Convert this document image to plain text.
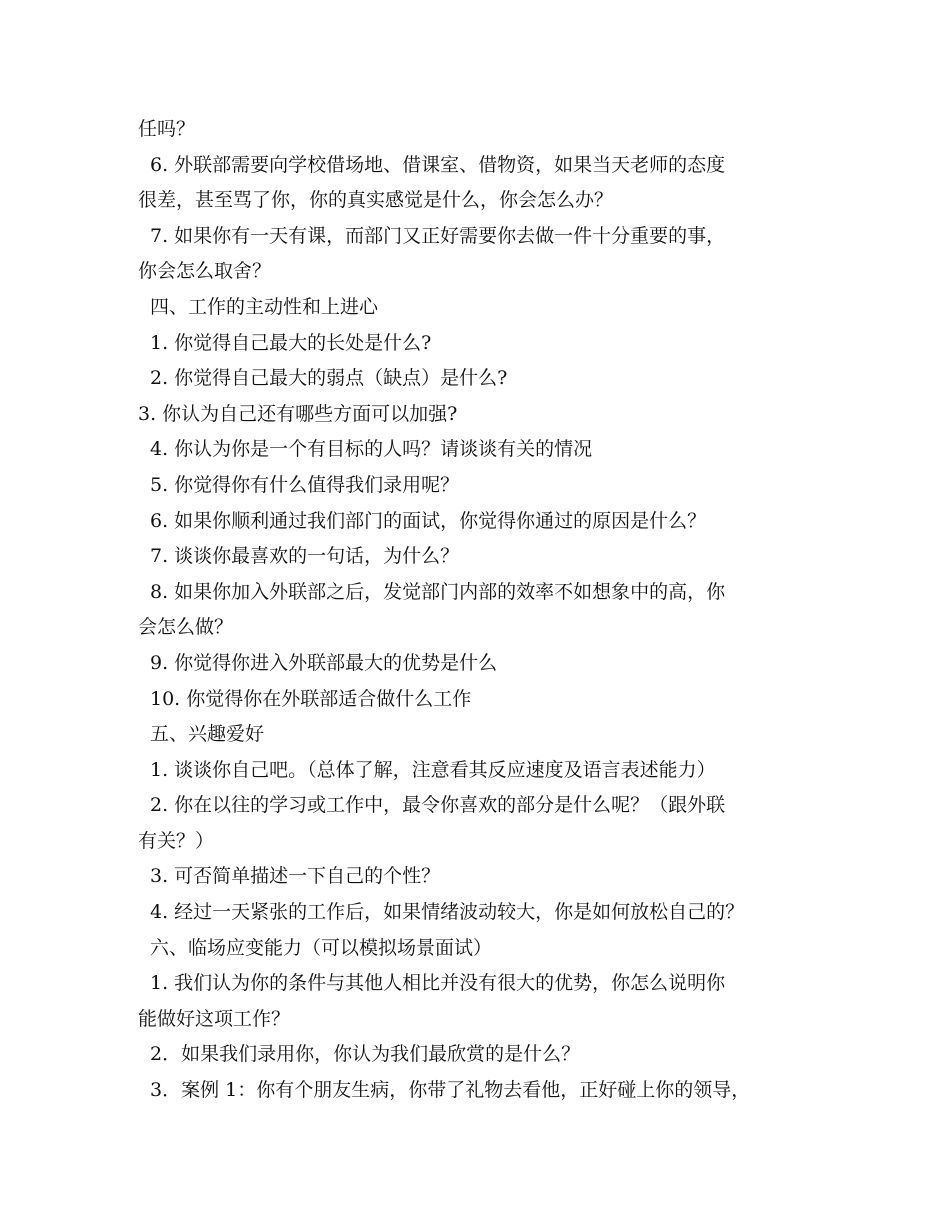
任吗？
6. 外联部需要向学校借场地、借课室、借物资，如果当天老师的态度
很差，甚至骂了你，你的真实感觉是什么，你会怎么办？
7. 如果你有一天有课，而部门又正好需要你去做一件十分重要的事，
你会怎么取舍？
四、工作的主动性和上进心
1. 你觉得自己最大的长处是什么?
2. 你觉得自己最大的弱点（缺点）是什么?
3. 你认为自己还有哪些方面可以加强?
4. 你认为你是一个有目标的人吗？请谈谈有关的情况
5. 你觉得你有什么值得我们录用呢？
6. 如果你顺利通过我们部门的面试，你觉得你通过的原因是什么？
7. 谈谈你最喜欢的一句话，为什么？
8. 如果你加入外联部之后，发觉部门内部的效率不如想象中的高，你
会怎么做？
9. 你觉得你进入外联部最大的优势是什么
10. 你觉得你在外联部适合做什么工作
五、兴趣爱好
1. 谈谈你自己吧。（总体了解，注意看其反应速度及语言表述能力）
2. 你在以往的学习或工作中，最令你喜欢的部分是什么呢？（跟外联
有关？）
3. 可否简单描述一下自己的个性？
4. 经过一天紧张的工作后，如果情绪波动较大，你是如何放松自己的？
六、临场应变能力（可以模拟场景面试）
1. 我们认为你的条件与其他人相比并没有很大的优势，你怎么说明你
能做好这项工作？
2．如果我们录用你，你认为我们最欣赏的是什么？
3．案例 1：你有个朋友生病，你带了礼物去看他，正好碰上你的领导，
